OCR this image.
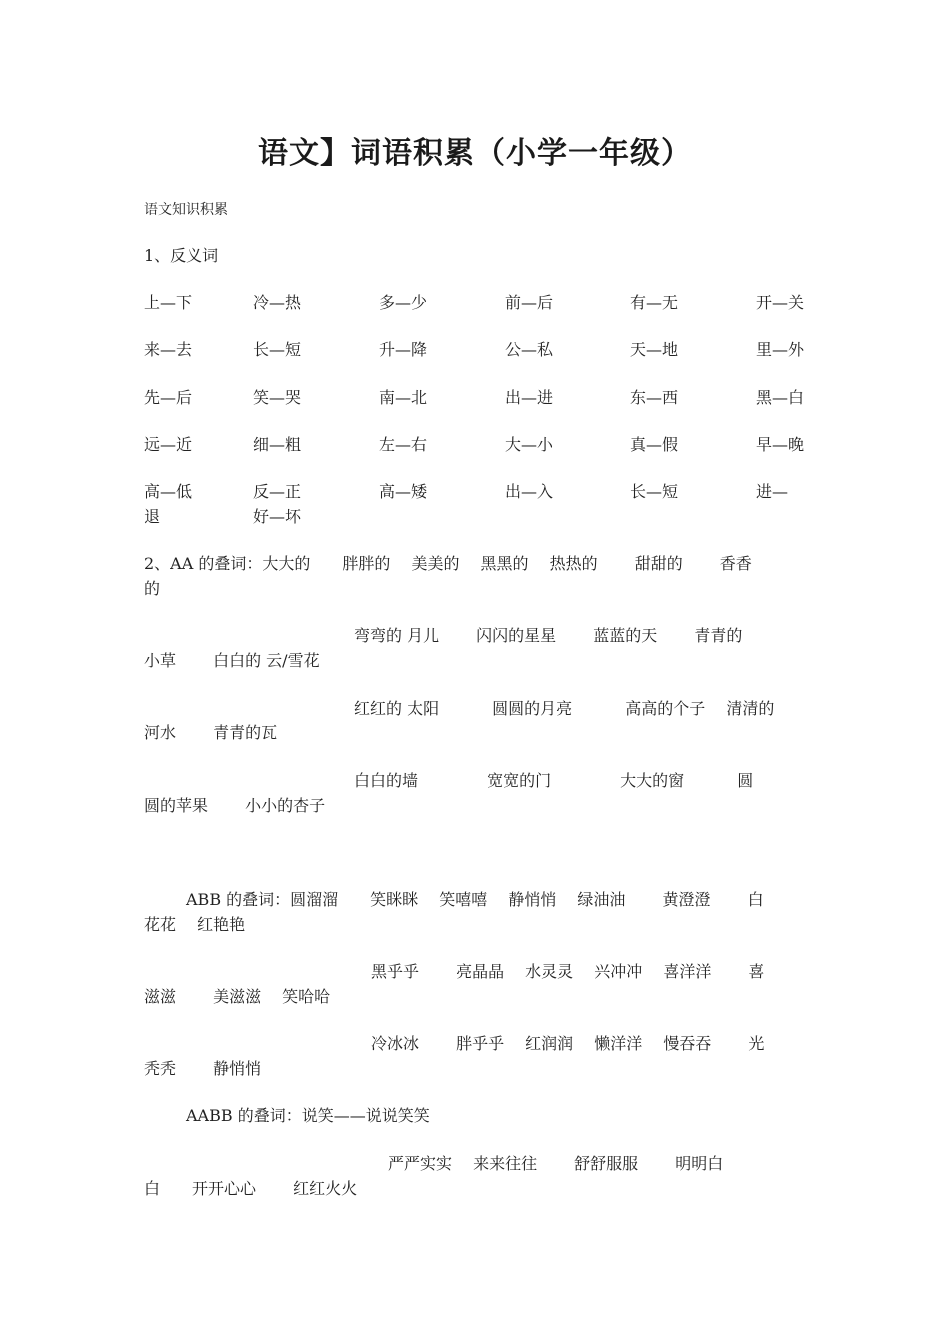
语文】词语积累（小学一年级）
语文知识积累
1、反义词
上—下	冷—热	多—少	前—后	有—无	开—关
来—去	长—短	升—降	公—私	天—地	里—外
先—后	笑—哭	南—北	出—进	东—西	黑—白
远—近	细—粗	左—右	大—小	真—假	早—晚
高—低	反—正	高—矮	出—入	长—短	进—
退	好—坏
2、AA 的叠词：大大的　　胖胖的　 美美的　 黑黑的　 热热的　　 甜甜的　　 香香
的
弯弯的 月儿　　 闪闪的星星　　 蓝蓝的天　　 青青的
小草　　 白白的 云/雪花
红红的 太阳　　　 圆圆的月亮　　　 高高的个子　 清清的
河水　　 青青的瓦
白白的墙　　　　 宽宽的门　　　　 大大的窗　　　 圆
圆的苹果　　 小小的杏子
ABB 的叠词：圆溜溜　　笑眯眯　 笑嘻嘻　 静悄悄　 绿油油　　 黄澄澄　　 白
花花　 红艳艳
黑乎乎　　 亮晶晶　 水灵灵　 兴冲冲　 喜洋洋　　 喜
滋滋　　 美滋滋　 笑哈哈
冷冰冰　　 胖乎乎　 红润润　 懒洋洋　 慢吞吞　　 光
秃秃　　 静悄悄
AABB 的叠词：说笑——说说笑笑
严严实实　 来来往往　　 舒舒服服　　 明明白
白　　开开心心　　 红红火火
